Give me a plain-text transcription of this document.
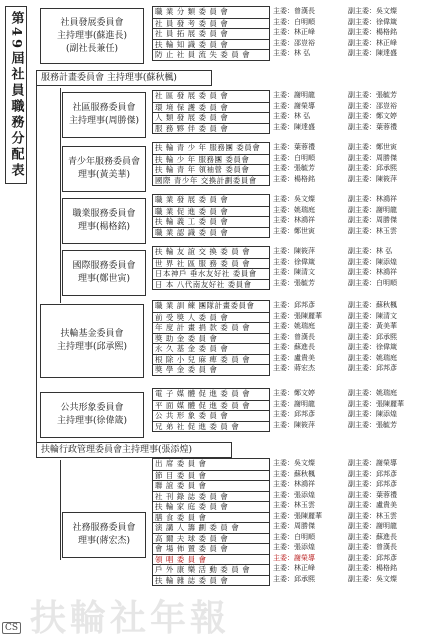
第49屆社員職務分配表 服務計畫委員會 主持理事(蘇秋楓)
扶輪行政管理委員會主持理事(張添煌)
社員發展委員會
主持理事(蘇進長)
(副社長兼任)
職 業 分 類 委 員 會
社 員 發 考 委 員 會
社 員 拓 展 委 員 會
扶 輪 知 識 委 員 會
防 止 社 員 流 失 委 員 會
主委：曾漢長
主委：白明順
主委：林正峰
主委：邵豈裕
主委：林 弘
副主委：吳文燦
副主委：徐偉箴
副主委：楊格銘
副主委：林正峰
副主委：陳達盛
社區服務委員會
主持理事(周勝傑)
社 區 發 展 委 員 會
環 境 保 護 委 員 會
人 類 發 展 委 員 會
服 務 夥 伴 委 員 會
主委：謝明龍
主委：謝榮導
主委：林 弘
主委：陳達盛
副主委：張毓芳
副主委：邵豈裕
副主委：鄭文婷
副主委：葉蓉禮
青少年服務委員會
理事(黃美華)
扶 輪 青 少 年 服務團 委員會
扶 輪 少 年 服務團 委員會
扶 輪 青 年 領袖營 委員會
國際 青少年 交換計劃委員會
主委：葉蓉禮
主委：白明順
主委：張毓芳
主委：楊格銘
副主委：鄭世寅
副主委：周勝傑
副主委：邱承熙
副主委：陳筱萍
職業服務委員會
理事(楊格銘)
職 業 發 展 委 員 會
職 業 促 進 委 員 會
扶 輪 義 工 委 員 會
職 業 認 識 委 員 會
主委：吳文燦
主委：姚瑞庭
主委：林鴻祥
主委：鄭世寅
副主委：林鴻祥
副主委：謝明龍
副主委：周勝傑
副主委：林玉雲
國際服務委員會
理事(鄭世寅)
扶 輪 友 誼 交 換 委 員 會
世 界 社 區 服 務 委 員 會
日本神戶 垂水友好社 委員會
日 本 八代南友好社 委員會
主委：陳筱萍
主委：徐偉箴
主委：陳清文
主委：張毓芳
副主委：林 弘
副主委：陳添煌
副主委：林鴻祥
副主委：白明順
扶輪基金委員會
主持理事(邱承熙)
職 業 訓 練 團隊計畫委員會
前 受 獎 人 委 員 會
年 度 計 畫 捐 款 委 員 會
獎 助 金 委 員 會
永 久 基 金 委 員 會
根 除 小 兒 麻 痺 委 員 會
獎 學 金 委 員 會
主委：邱邦彥
主委：張陳麗華
主委：姚瑞庭
主委：曾漢長
主委：蘇進長
主委：盧貴美
主委：蔣宏杰
副主委：蘇秋楓
副主委：陳清文
副主委：黃美華
副主委：邱承熙
副主委：徐偉箴
副主委：姚瑞庭
副主委：邱邦彥
公共形象委員會
主持理事(徐偉箴)
電 子 媒 體 促 進 委 員 會
平 面 媒 體 促 進 委 員 會
公 共 形 象 委 員 會
兄 弟 社 促 進 委 員 會
主委：鄭文婷
主委：謝明龍
主委：邱邦彥
主委：陳筱萍
副主委：姚瑞庭
副主委：張陳麗華
副主委：陳添煌
副主委：張毓芳
社務服務委員會
理事(蔣宏杰)
出 席 委 員 會
節 目 委 員 會
聯 誼 委 員 會
社 刊 錄 誌 委 員 會
扶 輪 家 庭 委 員 會
膳 食 委 員 會
演 講 人 籌 劃 委 員 會
高 爾 夫 球 委 員 會
會 場 佈 置 委 員 會
領 唱 委 員 會
戶 外 康 樂 活 動 委 員 會
扶 輪 雜 誌 委 員 會
主委：吳文燦
主委：蘇秋楓
主委：林鴻祥
主委：張添煌
主委：林玉雲
主委：張陳麗華
主委：周勝傑
主委：白明順
主委：張添煌
主委：謝榮導
主委：林正峰
主委：邱承熙
副主委：謝榮導
副主委：邱邦彥
副主委：邱邦彥
副主委：葉蓉禮
副主委：盧貴美
副主委：林玉雲
副主委：謝明龍
副主委：蘇進長
副主委：曾漢長
副主委：邱邦彥
副主委：楊格銘
副主委：吳文燦
扶輪社年報
CS
